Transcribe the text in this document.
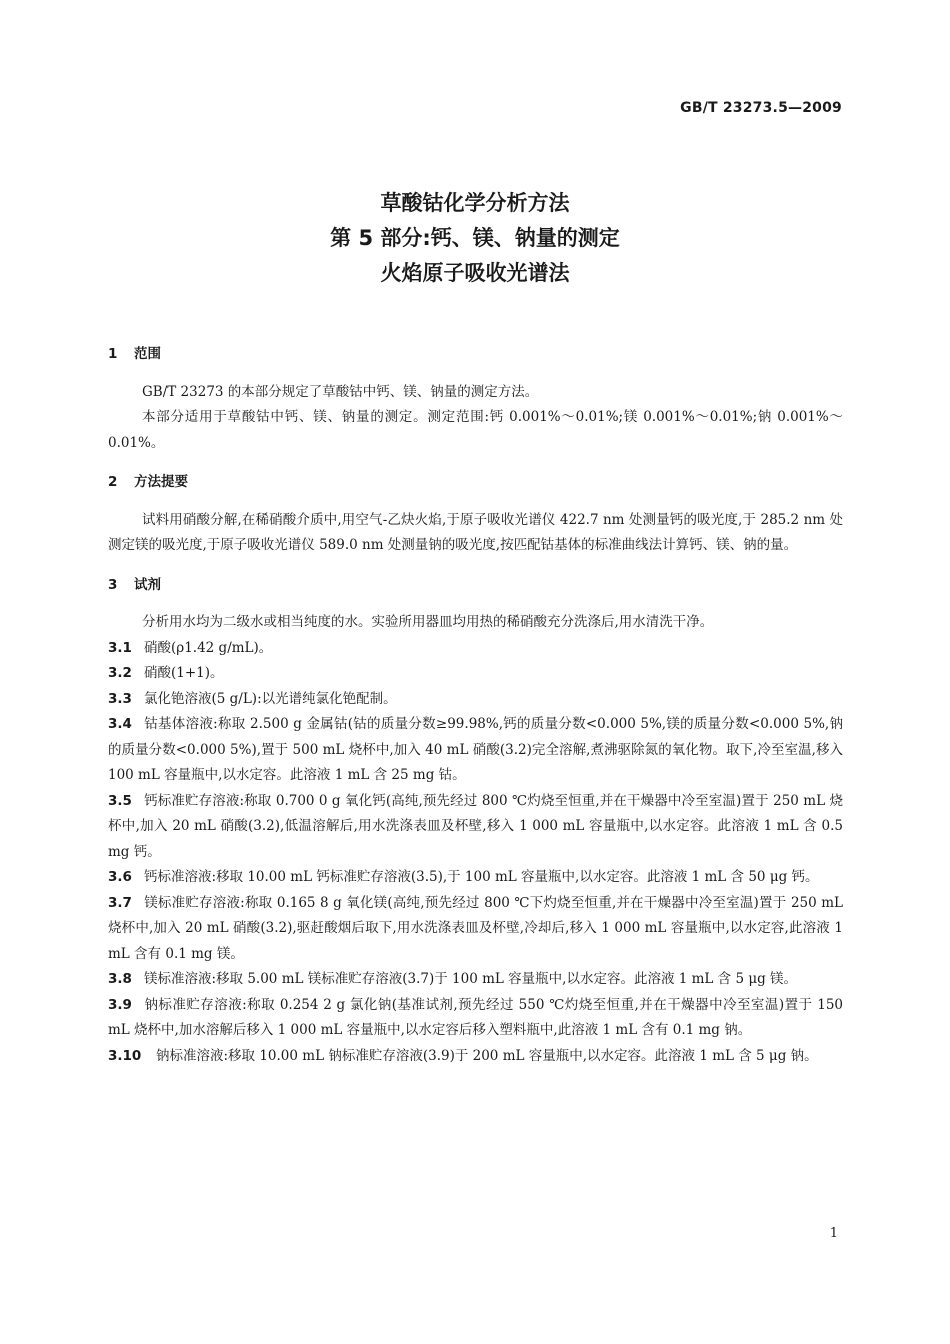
GB/T 23273.5—2009
草酸钴化学分析方法
第 5 部分:钙、镁、钠量的测定
火焰原子吸收光谱法
1 范围

GB/T 23273 的本部分规定了草酸钴中钙、镁、钠量的测定方法。

本部分适用于草酸钴中钙、镁、钠量的测定。测定范围:钙 0.001%～0.01%;镁 0.001%～0.01%;钠 0.001%～0.01%。

2 方法提要

试料用硝酸分解,在稀硝酸介质中,用空气-乙炔火焰,于原子吸收光谱仪 422.7 nm 处测量钙的吸光度,于 285.2 nm 处测定镁的吸光度,于原子吸收光谱仪 589.0 nm 处测量钠的吸光度,按匹配钴基体的标准曲线法计算钙、镁、钠的量。

3 试剂

分析用水均为二级水或相当纯度的水。实验所用器皿均用热的稀硝酸充分洗涤后,用水清洗干净。

3.1 硝酸(ρ1.42 g/mL)。

3.2 硝酸(1+1)。

3.3 氯化铯溶液(5 g/L):以光谱纯氯化铯配制。

3.4 钴基体溶液:称取 2.500 g 金属钴(钴的质量分数≥99.98%,钙的质量分数<0.000 5%,镁的质量分数<0.000 5%,钠的质量分数<0.000 5%),置于 500 mL 烧杯中,加入 40 mL 硝酸(3.2)完全溶解,煮沸驱除氮的氧化物。取下,冷至室温,移入 100 mL 容量瓶中,以水定容。此溶液 1 mL 含 25 mg 钴。

3.5 钙标准贮存溶液:称取 0.700 0 g 氧化钙(高纯,预先经过 800 ℃灼烧至恒重,并在干燥器中冷至室温)置于 250 mL 烧杯中,加入 20 mL 硝酸(3.2),低温溶解后,用水洗涤表皿及杯壁,移入 1 000 mL 容量瓶中,以水定容。此溶液 1 mL 含 0.5 mg 钙。

3.6 钙标准溶液:移取 10.00 mL 钙标准贮存溶液(3.5),于 100 mL 容量瓶中,以水定容。此溶液 1 mL 含 50 μg 钙。

3.7 镁标准贮存溶液:称取 0.165 8 g 氧化镁(高纯,预先经过 800 ℃下灼烧至恒重,并在干燥器中冷至室温)置于 250 mL 烧杯中,加入 20 mL 硝酸(3.2),驱赶酸烟后取下,用水洗涤表皿及杯壁,冷却后,移入 1 000 mL 容量瓶中,以水定容,此溶液 1 mL 含有 0.1 mg 镁。

3.8 镁标准溶液:移取 5.00 mL 镁标准贮存溶液(3.7)于 100 mL 容量瓶中,以水定容。此溶液 1 mL 含 5 μg 镁。

3.9 钠标准贮存溶液:称取 0.254 2 g 氯化钠(基准试剂,预先经过 550 ℃灼烧至恒重,并在干燥器中冷至室温)置于 150 mL 烧杯中,加水溶解后移入 1 000 mL 容量瓶中,以水定容后移入塑料瓶中,此溶液 1 mL 含有 0.1 mg 钠。

3.10 钠标准溶液:移取 10.00 mL 钠标准贮存溶液(3.9)于 200 mL 容量瓶中,以水定容。此溶液 1 mL 含 5 μg 钠。

1
